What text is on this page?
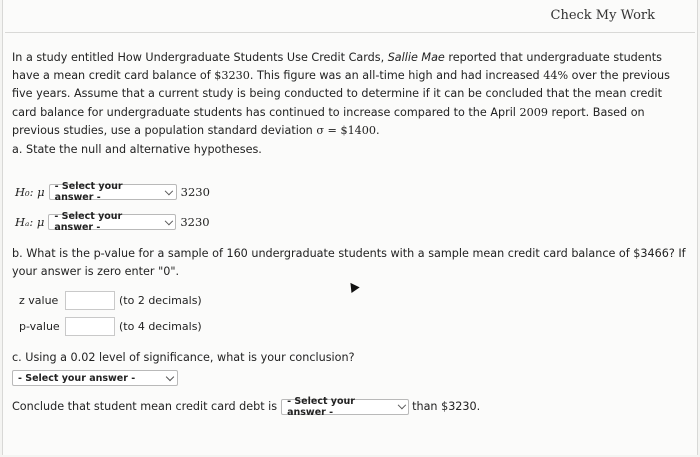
Check My Work

In a study entitled How Undergraduate Students Use Credit Cards, Sallie Mae reported that undergraduate students have a mean credit card balance of $3230. This figure was an all-time high and had increased 44% over the previous five years. Assume that a current study is being conducted to determine if it can be concluded that the mean credit card balance for undergraduate students has continued to increase compared to the April 2009 report. Based on previous studies, use a population standard deviation σ = $1400.

a. State the null and alternative hypotheses.

H₀: μ - Select your answer -	3230
Hₐ: μ - Select your answer -	3230

b. What is the p-value for a sample of 160 undergraduate students with a sample mean credit card balance of $3466? If
your answer is zero enter "0".

z value	(to 2 decimals)
p-value	(to 4 decimals)

c. Using a 0.02 level of significance, what is your conclusion?

- Select your answer -
Conclude that student mean credit card debt is - Select your answer -	than $3230.
